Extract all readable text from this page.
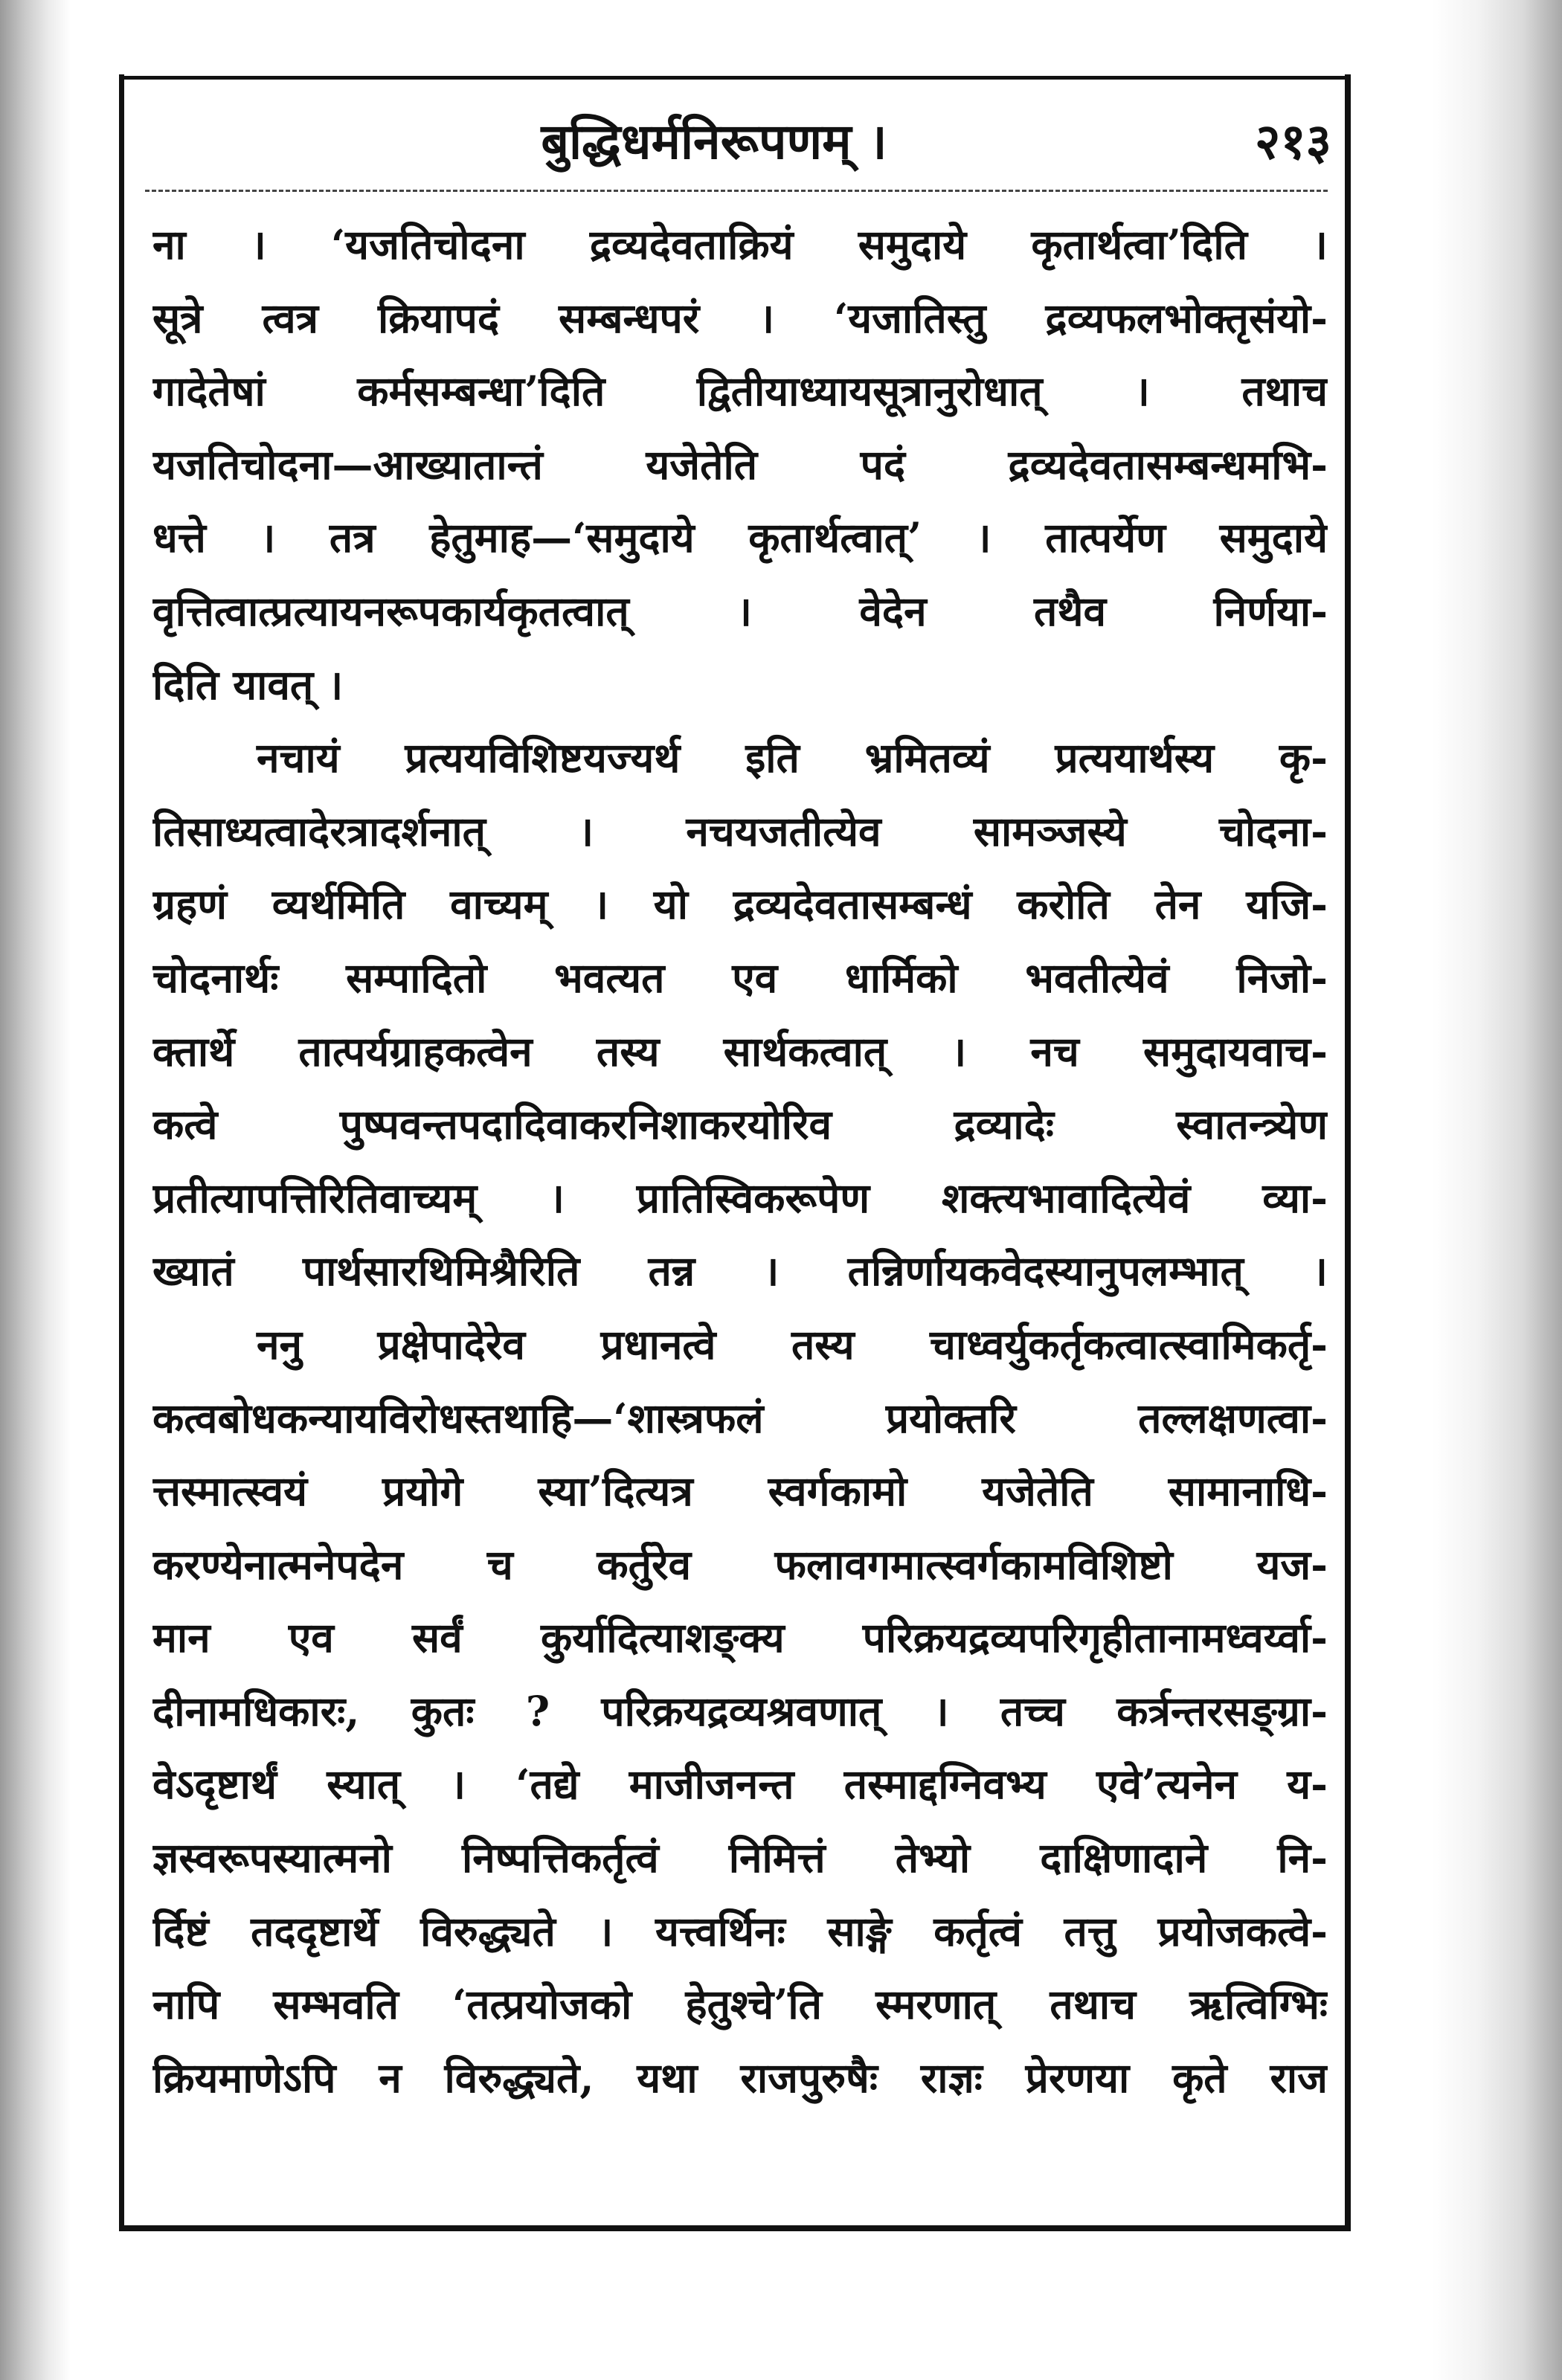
बुद्धिधर्मनिरूपणम् ।	२१३
ना । ‘यजतिचोदना द्रव्यदेवताक्रियं समुदाये कृतार्थत्वा’दिति ।
सूत्रे त्वत्र क्रियापदं सम्बन्धपरं । ‘यजातिस्तु द्रव्यफलभोक्तृसंयो-
गादेतेषां कर्मसम्बन्धा’दिति द्वितीयाध्यायसूत्रानुरोधात् । तथाच
यजतिचोदना—आख्यातान्तं यजेतेति पदं द्रव्यदेवतासम्बन्धमभि-
धत्ते । तत्र हेतुमाह—‘समुदाये कृतार्थत्वात्’ । तात्पर्येण समुदाये
वृत्तित्वात्प्रत्यायनरूपकार्यकृतत्वात् । वेदेन तथैव निर्णया-
दिति यावत् ।
नचायं प्रत्ययविशिष्टयज्यर्थ इति भ्रमितव्यं प्रत्ययार्थस्य कृ-
तिसाध्यत्वादेरत्रादर्शनात् । नचयजतीत्येव सामञ्जस्ये चोदना-
ग्रहणं व्यर्थमिति वाच्यम् । यो द्रव्यदेवतासम्बन्धं करोति तेन यजि-
चोदनार्थः सम्पादितो भवत्यत एव धार्मिको भवतीत्येवं निजो-
क्तार्थे तात्पर्यग्राहकत्वेन तस्य सार्थकत्वात् । नच समुदायवाच-
कत्वे पुष्पवन्तपदादिवाकरनिशाकरयोरिव द्रव्यादेः स्वातन्त्र्येण
प्रतीत्यापत्तिरितिवाच्यम् । प्रातिस्विकरूपेण शक्त्यभावादित्येवं व्या-
ख्यातं पार्थसारथिमिश्रैरिति तन्न । तन्निर्णायकवेदस्यानुपलम्भात् ।
ननु प्रक्षेपादेरेव प्रधानत्वे तस्य चाध्वर्युकर्तृकत्वात्स्वामिकर्तृ-
कत्वबोधकन्यायविरोधस्तथाहि—‘शास्त्रफलं प्रयोक्तरि तल्लक्षणत्वा-
त्तस्मात्स्वयं प्रयोगे स्या’दित्यत्र स्वर्गकामो यजेतेति सामानाधि-
करण्येनात्मनेपदेन च कर्तुरेव फलावगमात्स्वर्गकामविशिष्टो यज-
मान एव सर्वं कुर्यादित्याशङ्क्य परिक्रयद्रव्यपरिगृहीतानामध्वर्य्वा-
दीनामधिकारः, कुतः ? परिक्रयद्रव्यश्रवणात् । तच्च कर्त्रन्तरसङ्ग्रा-
वेऽदृष्टार्थं स्यात् । ‘तद्ये माजीजनन्त तस्माद्दग्निवभ्य एवे’त्यनेन य-
ज्ञस्वरूपस्यात्मनो निष्पत्तिकर्तृत्वं निमित्तं तेभ्यो दाक्षिणादाने नि-
र्दिष्टं तददृष्टार्थे विरुद्ध्यते । यत्त्वर्थिनः साङ्गे कर्तृत्वं तत्तु प्रयोजकत्वे-
नापि सम्भवति ‘तत्प्रयोजको हेतुश्चे’ति स्मरणात् तथाच ऋत्विग्भिः
क्रियमाणेऽपि न विरुद्ध्यते, यथा राजपुरुषैः राज्ञः प्रेरणया कृते राज
